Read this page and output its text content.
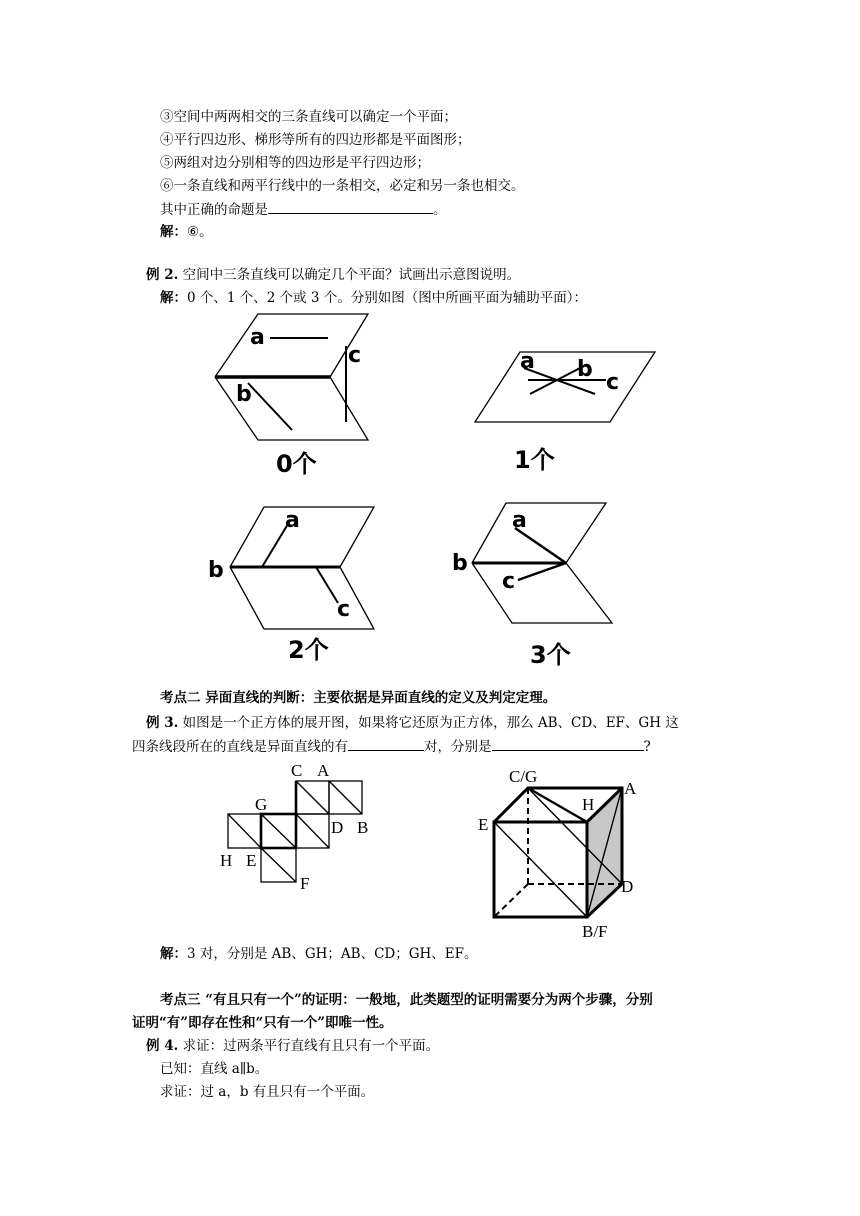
③空间中两两相交的三条直线可以确定一个平面；
④平行四边形、梯形等所有的四边形都是平面图形；
⑤两组对边分别相等的四边形是平行四边形；
⑥一条直线和两平行线中的一条相交，必定和另一条也相交。
其中正确的命题是	。
解：⑥。
例 2. 空间中三条直线可以确定几个平面？试画出示意图说明。
解：0 个、1 个、2 个或 3 个。分别如图（图中所画平面为辅助平面）：
a
c
b
0个
a b
c
1个
a
b
c
2个
a
b
c
3个
考点二 异面直线的判断：主要依据是异面直线的定义及判定定理。
例 3. 如图是一个正方体的展开图，如果将它还原为正方体，那么 AB、CD、EF、GH 这
四条线段所在的直线是异面直线的有	对，分别是	?
C A
G
D B
H E
F
C/G
A
H
E
D
B/F
解：3 对，分别是 AB、GH；AB、CD；GH、EF。
考点三 “有且只有一个”的证明：一般地，此类题型的证明需要分为两个步骤，分别
证明“有”即存在性和“只有一个”即唯一性。
例 4. 求证：过两条平行直线有且只有一个平面。
已知：直线 a∥b。
求证：过 a，b 有且只有一个平面。
